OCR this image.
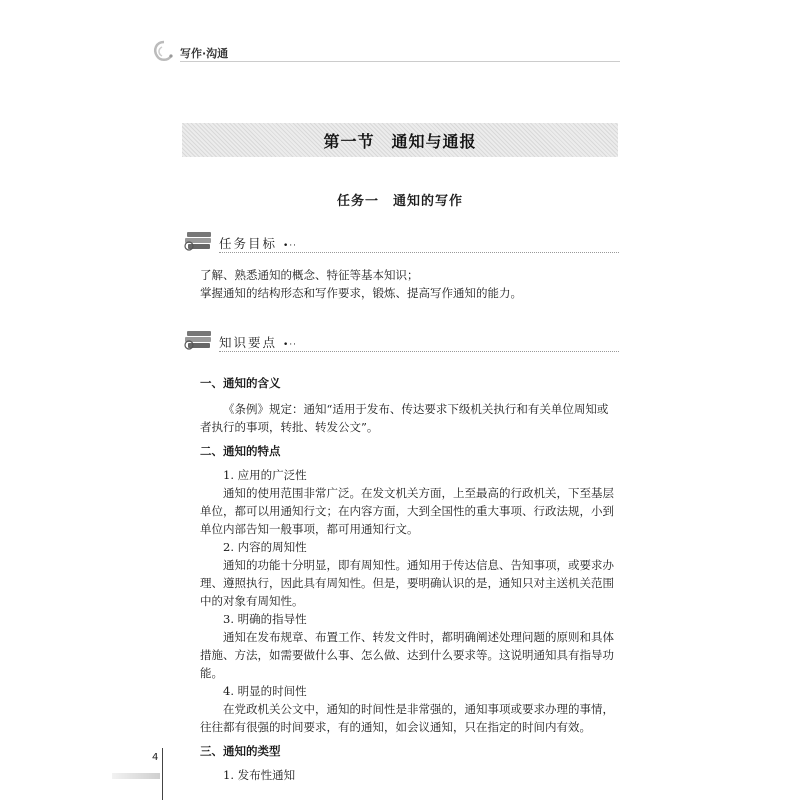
写作·沟通
第一节　通知与通报
任务一　通知的写作
任务目标 •··

了解、熟悉通知的概念、特征等基本知识；

掌握通知的结构形态和写作要求，锻炼、提高写作通知的能力。

知识要点 •··

一、通知的含义

《条例》规定：通知“适用于发布、传达要求下级机关执行和有关单位周知或者执行的事项，转批、转发公文”。

二、通知的特点

1. 应用的广泛性

通知的使用范围非常广泛。在发文机关方面，上至最高的行政机关，下至基层单位，都可以用通知行文；在内容方面，大到全国性的重大事项、行政法规，小到单位内部告知一般事项，都可用通知行文。

2. 内容的周知性

通知的功能十分明显，即有周知性。通知用于传达信息、告知事项，或要求办理、遵照执行，因此具有周知性。但是，要明确认识的是，通知只对主送机关范围中的对象有周知性。

3. 明确的指导性

通知在发布规章、布置工作、转发文件时，都明确阐述处理问题的原则和具体措施、方法，如需要做什么事、怎么做、达到什么要求等。这说明通知具有指导功能。

4. 明显的时间性

在党政机关公文中，通知的时间性是非常强的，通知事项或要求办理的事情，往往都有很强的时间要求，有的通知，如会议通知，只在指定的时间内有效。

三、通知的类型

1. 发布性通知

4
